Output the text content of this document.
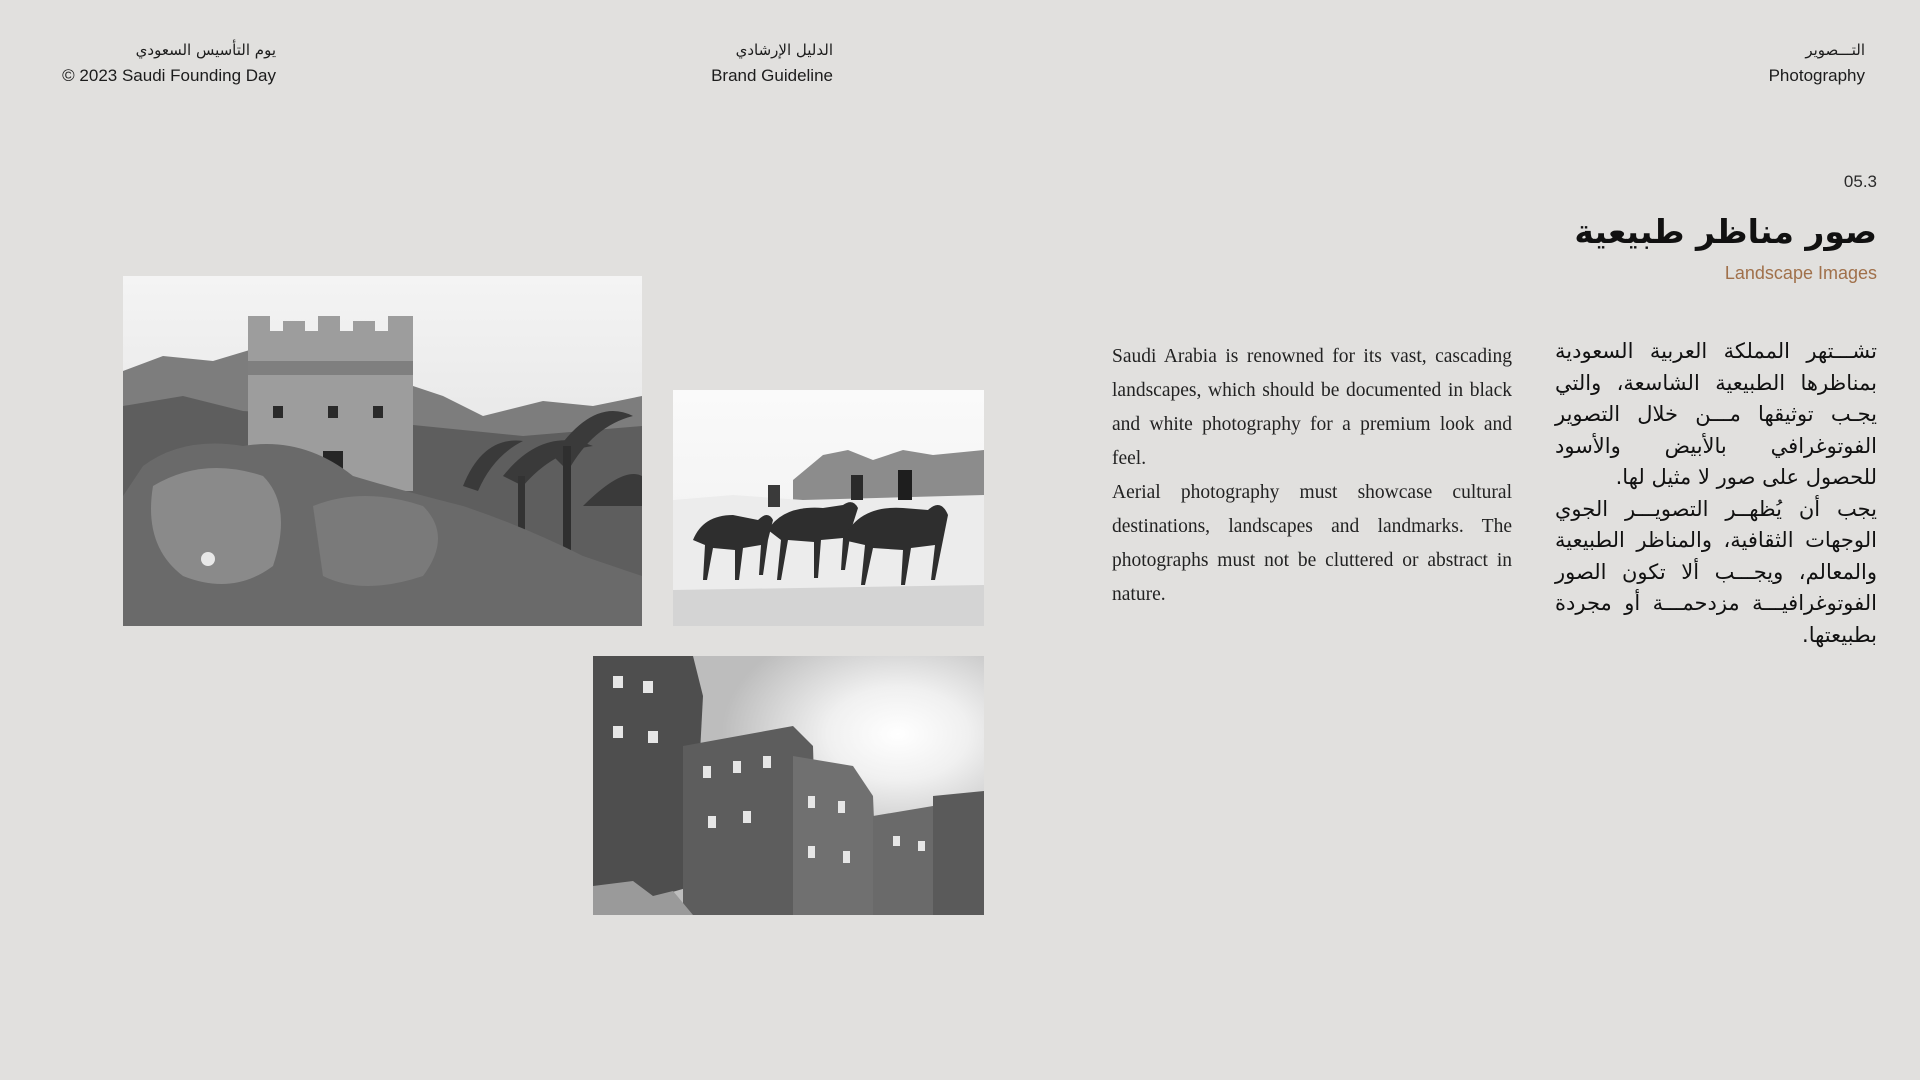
يوم التأسيس السعودي
© 2023 Saudi Founding Day
الدليل الإرشادي
Brand Guideline
التـــصوير
Photography
05.3
صور مناظر طبيعية
Landscape Images

Saudi Arabia is renowned for its vast, cascading landscapes, which should be documented in black and white photography for a premium look and feel.

Aerial photography must showcase cultural destinations, landscapes and landmarks. The photographs must not be cluttered or abstract in nature.

تشـــتهر المملكة العربية السعودية بمناظرها الطبيعية الشاسعة، والتي يجـب توثيقها مـــن خلال التصوير الفوتوغرافي بالأبيض والأسود للحصول على صور لا مثيل لها.

يجب أن يُظهــر التصويـــر الجوي الوجهات الثقافية، والمناظر الطبيعية والمعالم، ويجـــب ألا تكون الصور الفوتوغرافيـــة مزدحمـــة أو مجردة بطبيعتها.
